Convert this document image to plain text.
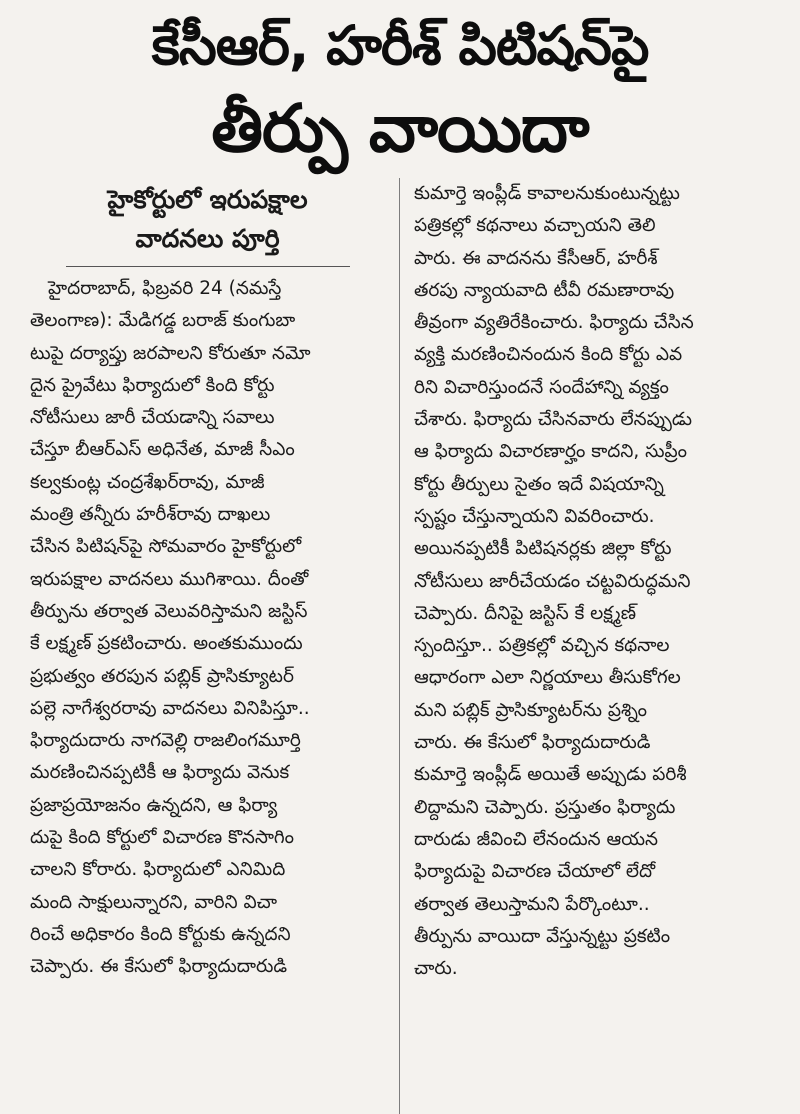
కేసీఆర్, హరీశ్ పిటిషన్‌పై
తీర్పు వాయిదా
హైకోర్టులో ఇరుపక్షాల
వాదనలు పూర్తి
హైదరాబాద్, ఫిబ్రవరి 24 (నమస్తే
తెలంగాణ): మేడిగడ్డ బరాజ్ కుంగుబా
టుపై దర్యాప్తు జరపాలని కోరుతూ నమో
దైన ప్రైవేటు ఫిర్యాదులో కింది కోర్టు
నోటీసులు జారీ చేయడాన్ని సవాలు
చేస్తూ బీఆర్ఎస్ అధినేత, మాజీ సీఎం
కల్వకుంట్ల చంద్రశేఖర్‌రావు, మాజీ
మంత్రి తన్నీరు హరీశ్‌రావు దాఖలు
చేసిన పిటిషన్‌పై సోమవారం హైకోర్టులో
ఇరుపక్షాల వాదనలు ముగిశాయి. దీంతో
తీర్పును తర్వాత వెలువరిస్తామని జస్టిస్
కే లక్ష్మణ్ ప్రకటించారు. అంతకుముందు
ప్రభుత్వం తరపున పబ్లిక్ ప్రాసిక్యూటర్
పల్లె నాగేశ్వరరావు వాదనలు వినిపిస్తూ..
ఫిర్యాదుదారు నాగవెల్లి రాజలింగమూర్తి
మరణించినప్పటికీ ఆ ఫిర్యాదు వెనుక
ప్రజాప్రయోజనం ఉన్నదని, ఆ ఫిర్యా
దుపై కింది కోర్టులో విచారణ కొనసాగిం
చాలని కోరారు. ఫిర్యాదులో ఎనిమిది
మంది సాక్షులున్నారని, వారిని విచా
రించే అధికారం కింది కోర్టుకు ఉన్నదని
చెప్పారు. ఈ కేసులో ఫిర్యాదుదారుడి
కుమార్తె ఇంప్లీడ్ కావాలనుకుంటున్నట్టు
పత్రికల్లో కథనాలు వచ్చాయని తెలి
పారు. ఈ వాదనను కేసీఆర్, హరీశ్
తరపు న్యాయవాది టీవీ రమణారావు
తీవ్రంగా వ్యతిరేకించారు. ఫిర్యాదు చేసిన
వ్యక్తి మరణించినందున కింది కోర్టు ఎవ
రిని విచారిస్తుందనే సందేహాన్ని వ్యక్తం
చేశారు. ఫిర్యాదు చేసినవారు లేనప్పుడు
ఆ ఫిర్యాదు విచారణార్హం కాదని, సుప్రీం
కోర్టు తీర్పులు సైతం ఇదే విషయాన్ని
స్పష్టం చేస్తున్నాయని వివరించారు.
అయినప్పటికీ పిటిషనర్లకు జిల్లా కోర్టు
నోటీసులు జారీచేయడం చట్టవిరుద్ధమని
చెప్పారు. దీనిపై జస్టిస్ కే లక్ష్మణ్
స్పందిస్తూ.. పత్రికల్లో వచ్చిన కథనాల
ఆధారంగా ఎలా నిర్ణయాలు తీసుకోగల
మని పబ్లిక్ ప్రాసిక్యూటర్‌ను ప్రశ్నిం
చారు. ఈ కేసులో ఫిర్యాదుదారుడి
కుమార్తె ఇంప్లీడ్ అయితే అప్పుడు పరిశీ
లిద్దామని చెప్పారు. ప్రస్తుతం ఫిర్యాదు
దారుడు జీవించి లేనందున ఆయన
ఫిర్యాదుపై విచారణ చేయాలో లేదో
తర్వాత తెలుస్తామని పేర్కొంటూ..
తీర్పును వాయిదా వేస్తున్నట్టు ప్రకటిం
చారు.
